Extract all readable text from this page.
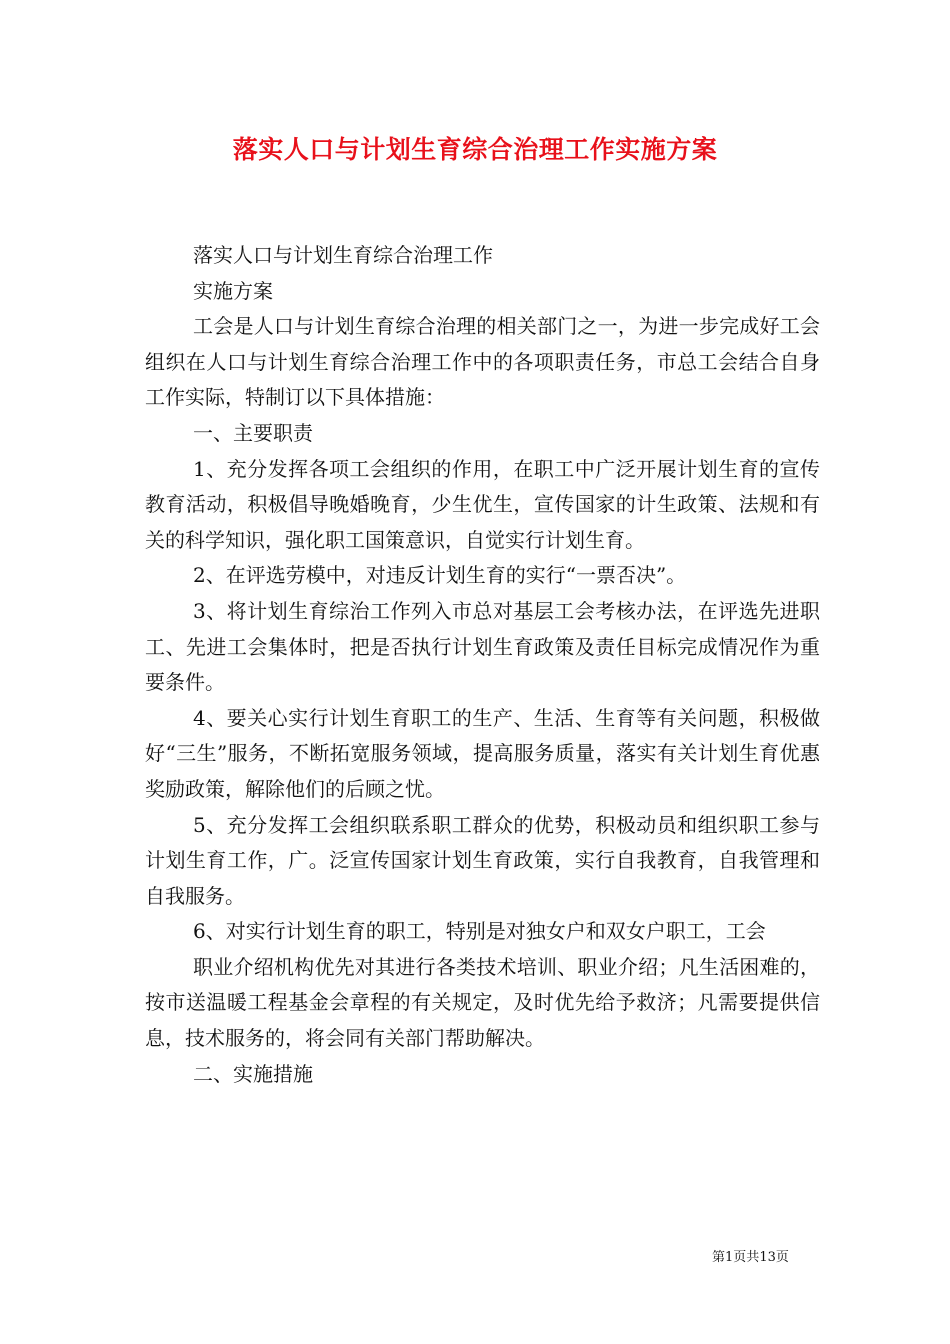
落实人口与计划生育综合治理工作实施方案

落实人口与计划生育综合治理工作

实施方案

工会是人口与计划生育综合治理的相关部门之一，为进一步完成好工会组织在人口与计划生育综合治理工作中的各项职责任务，市总工会结合自身工作实际，特制订以下具体措施：

一、主要职责

1、充分发挥各项工会组织的作用，在职工中广泛开展计划生育的宣传教育活动，积极倡导晚婚晚育，少生优生，宣传国家的计生政策、法规和有关的科学知识，强化职工国策意识，自觉实行计划生育。

2、在评选劳模中，对违反计划生育的实行“一票否决”。

3、将计划生育综治工作列入市总对基层工会考核办法，在评选先进职工、先进工会集体时，把是否执行计划生育政策及责任目标完成情况作为重要条件。

4、要关心实行计划生育职工的生产、生活、生育等有关问题，积极做好“三生”服务，不断拓宽服务领域，提高服务质量，落实有关计划生育优惠奖励政策，解除他们的后顾之忧。

5、充分发挥工会组织联系职工群众的优势，积极动员和组织职工参与计划生育工作，广。泛宣传国家计划生育政策，实行自我教育，自我管理和自我服务。

6、对实行计划生育的职工，特别是对独女户和双女户职工，工会

职业介绍机构优先对其进行各类技术培训、职业介绍；凡生活困难的，按市送温暖工程基金会章程的有关规定，及时优先给予救济；凡需要提供信息，技术服务的，将会同有关部门帮助解决。

二、实施措施

第1页共13页
